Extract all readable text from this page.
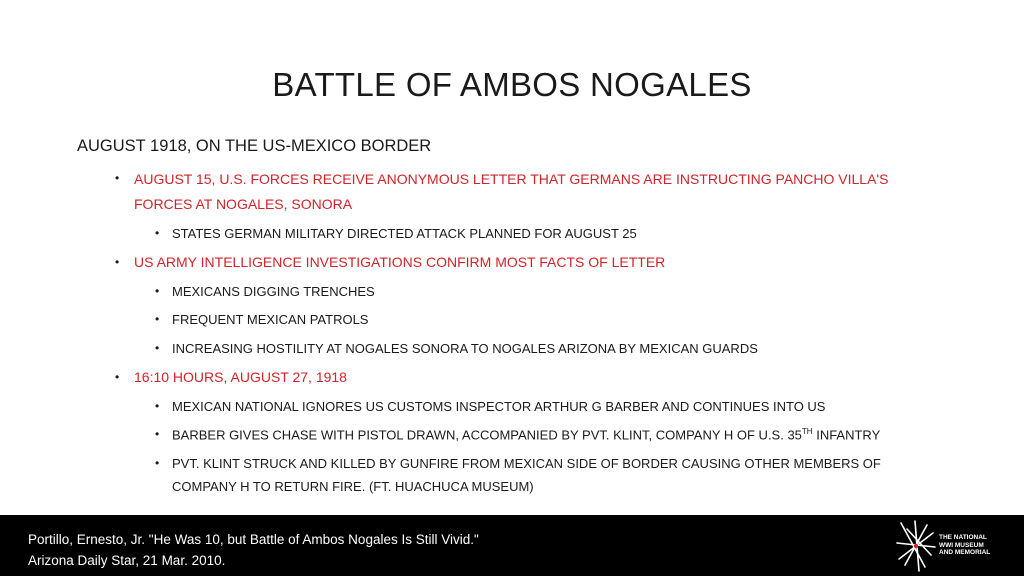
BATTLE OF AMBOS NOGALES
AUGUST 1918, ON THE US-MEXICO BORDER
• AUGUST 15, U.S. FORCES RECEIVE ANONYMOUS LETTER THAT GERMANS ARE INSTRUCTING PANCHO VILLA'S
FORCES AT NOGALES, SONORA
• STATES GERMAN MILITARY DIRECTED ATTACK PLANNED FOR AUGUST 25
• US ARMY INTELLIGENCE INVESTIGATIONS CONFIRM MOST FACTS OF LETTER
• MEXICANS DIGGING TRENCHES
• FREQUENT MEXICAN PATROLS
• INCREASING HOSTILITY AT NOGALES SONORA TO NOGALES ARIZONA BY MEXICAN GUARDS
• 16:10 HOURS, AUGUST 27, 1918
• MEXICAN NATIONAL IGNORES US CUSTOMS INSPECTOR ARTHUR G BARBER AND CONTINUES INTO US
• BARBER GIVES CHASE WITH PISTOL DRAWN, ACCOMPANIED BY PVT. KLINT, COMPANY H OF U.S. 35TH INFANTRY
• PVT. KLINT STRUCK AND KILLED BY GUNFIRE FROM MEXICAN SIDE OF BORDER CAUSING OTHER MEMBERS OF
COMPANY H TO RETURN FIRE. (FT. HUACHUCA MUSEUM)
Portillo, Ernesto, Jr. "He Was 10, but Battle of Ambos Nogales Is Still Vivid."
Arizona Daily Star, 21 Mar. 2010.
THE NATIONAL
WWI MUSEUM
AND MEMORIAL
